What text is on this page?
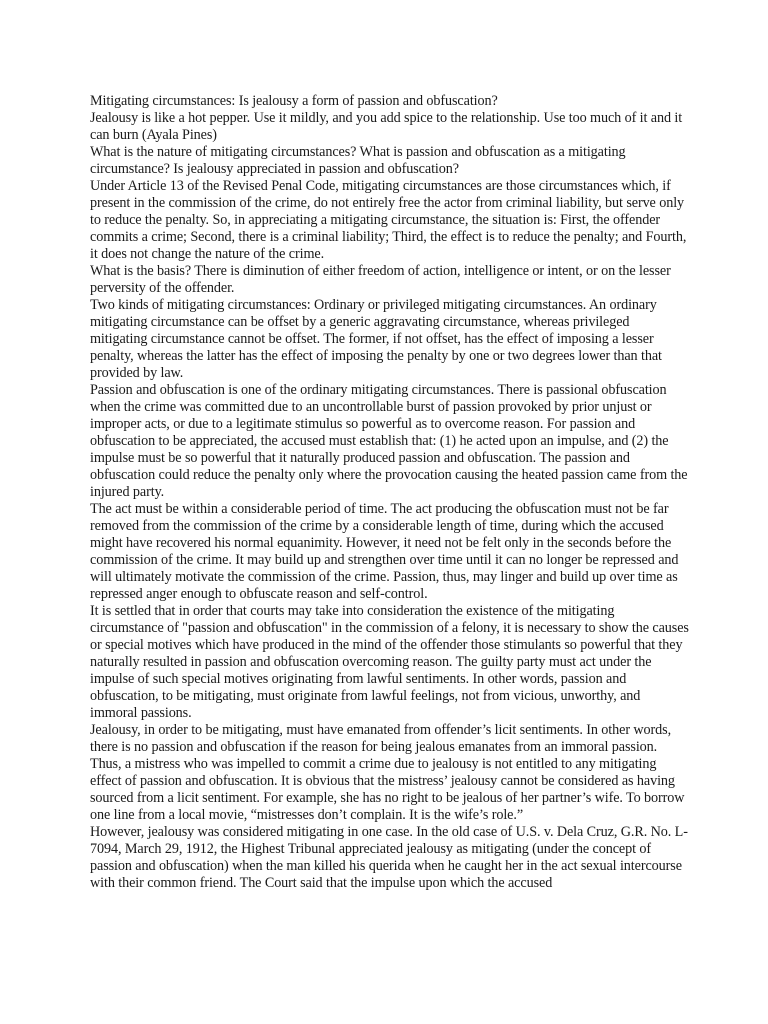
Mitigating circumstances: Is jealousy a form of passion and obfuscation?

Jealousy is like a hot pepper. Use it mildly, and you add spice to the relationship. Use too much of it and it can burn (Ayala Pines)

What is the nature of mitigating circumstances? What is passion and obfuscation as a mitigating circumstance? Is jealousy appreciated in passion and obfuscation?

Under Article 13 of the Revised Penal Code, mitigating circumstances are those circumstances which, if present in the commission of the crime, do not entirely free the actor from criminal liability, but serve only to reduce the penalty. So, in appreciating a mitigating circumstance, the situation is: First, the offender commits a crime; Second, there is a criminal liability; Third, the effect is to reduce the penalty; and Fourth, it does not change the nature of the crime.

What is the basis? There is diminution of either freedom of action, intelligence or intent, or on the lesser perversity of the offender.

Two kinds of mitigating circumstances: Ordinary or privileged mitigating circumstances. An ordinary mitigating circumstance can be offset by a generic aggravating circumstance, whereas privileged mitigating circumstance cannot be offset. The former, if not offset, has the effect of imposing a lesser penalty, whereas the latter has the effect of imposing the penalty by one or two degrees lower than that provided by law.

Passion and obfuscation is one of the ordinary mitigating circumstances. There is passional obfuscation when the crime was committed due to an uncontrollable burst of passion provoked by prior unjust or improper acts, or due to a legitimate stimulus so powerful as to overcome reason. For passion and obfuscation to be appreciated, the accused must establish that: (1) he acted upon an impulse, and (2) the impulse must be so powerful that it naturally produced passion and obfuscation. The passion and obfuscation could reduce the penalty only where the provocation causing the heated passion came from the injured party.

The act must be within a considerable period of time. The act producing the obfuscation must not be far removed from the commission of the crime by a considerable length of time, during which the accused might have recovered his normal equanimity. However, it need not be felt only in the seconds before the commission of the crime. It may build up and strengthen over time until it can no longer be repressed and will ultimately motivate the commission of the crime. Passion, thus, may linger and build up over time as repressed anger enough to obfuscate reason and self-control.

It is settled that in order that courts may take into consideration the existence of the mitigating circumstance of "passion and obfuscation" in the commission of a felony, it is necessary to show the causes or special motives which have produced in the mind of the offender those stimulants so powerful that they naturally resulted in passion and obfuscation overcoming reason. The guilty party must act under the impulse of such special motives originating from lawful sentiments. In other words, passion and obfuscation, to be mitigating, must originate from lawful feelings, not from vicious, unworthy, and immoral passions.

Jealousy, in order to be mitigating, must have emanated from offender’s licit sentiments. In other words, there is no passion and obfuscation if the reason for being jealous emanates from an immoral passion. Thus, a mistress who was impelled to commit a crime due to jealousy is not entitled to any mitigating effect of passion and obfuscation. It is obvious that the mistress’ jealousy cannot be considered as having sourced from a licit sentiment. For example, she has no right to be jealous of her partner’s wife. To borrow one line from a local movie, “mistresses don’t complain. It is the wife’s role.”

However, jealousy was considered mitigating in one case. In the old case of U.S. v. Dela Cruz, G.R. No. L-7094, March 29, 1912, the Highest Tribunal appreciated jealousy as mitigating (under the concept of passion and obfuscation) when the man killed his querida when he caught her in the act sexual intercourse with their common friend. The Court said that the impulse upon which the accused
